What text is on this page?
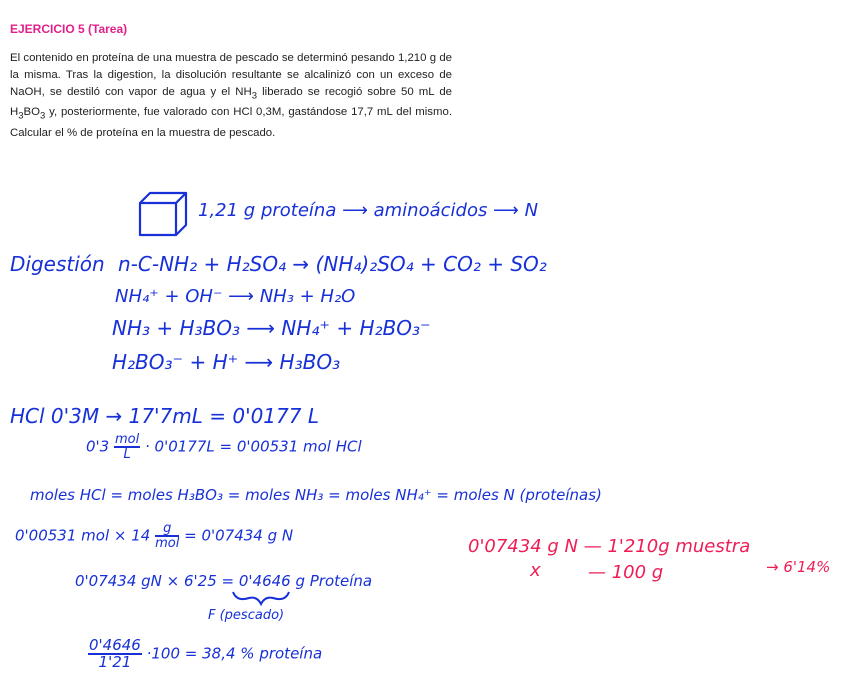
EJERCICIO 5 (Tarea)

El contenido en proteína de una muestra de pescado se determinó pesando 1,210 g de la misma. Tras la digestion, la disolución resultante se alcalinizó con un exceso de NaOH, se destiló con vapor de agua y el $NH_3$ liberado se recogió sobre 50 mL de $H_3BO_3$ y, posteriormente, fue valorado con HCl 0,3M, gastándose 17,7 mL del mismo. Calcular el % de proteína en la muestra de pescado.

1,21 g proteína ⟶ aminoácidos ⟶ N
Digestión n-C-NH₂ + H₂SO₄ → (NH₄)₂SO₄ + CO₂ + SO₂
NH₄⁺ + OH⁻ ⟶ NH₃ + H₂O
NH₃ + H₃BO₃ ⟶ NH₄⁺ + H₂BO₃⁻
H₂BO₃⁻ + H⁺ ⟶ H₃BO₃
HCl 0'3M → 17'7mL = 0'0177 L
$0'3 \frac{\text{mol}}{L} \cdot 0'0177L = 0'00531$ mol HCl
moles HCl = moles H₃BO₃ = moles NH₃ = moles NH₄⁺ = moles N (proteínas)
0'00531 mol × $14 \frac{g}{\text{mol}} = 0'07434$ g N
0'07434 gN × 6'25 = 0'4646 g Proteína
F (pescado)
$\frac{0'4646}{1'21} \cdot 100 = 38,4$ % proteína
0'07434 g N — 1'210g muestra
x	— 100 g	→ 6'14%
